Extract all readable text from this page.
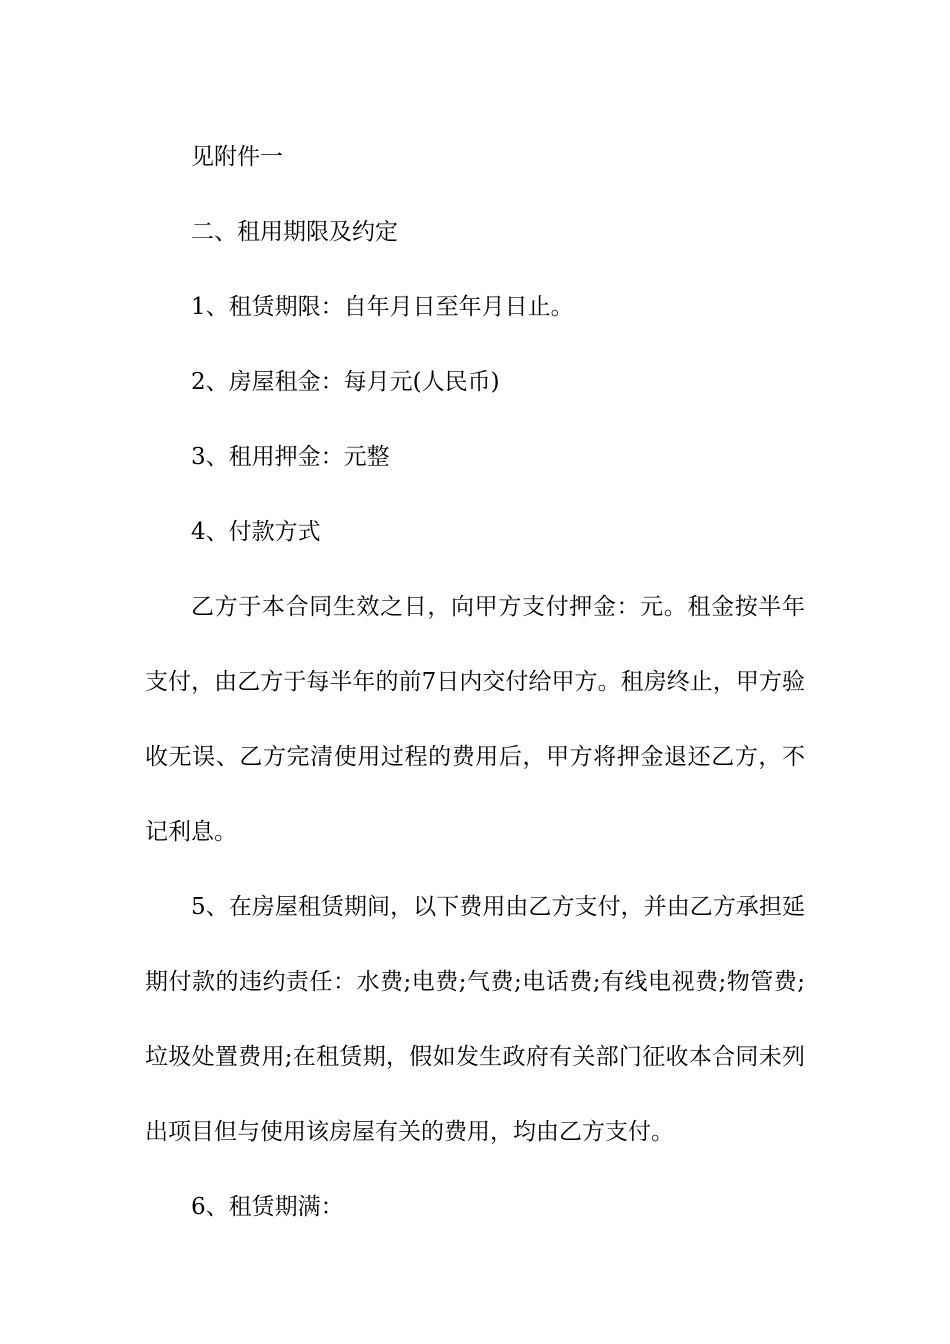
见附件一

二、租用期限及约定

1、租赁期限：自年月日至年月日止。

2、房屋租金：每月元(人民币)

3、租用押金：元整

4、付款方式

乙方于本合同生效之日，向甲方支付押金：元。租金按半年支付，由乙方于每半年的前7日内交付给甲方。租房终止，甲方验收无误、乙方完清使用过程的费用后，甲方将押金退还乙方，不记利息。

5、在房屋租赁期间，以下费用由乙方支付，并由乙方承担延期付款的违约责任：水费;电费;气费;电话费;有线电视费;物管费;垃圾处置费用;在租赁期，假如发生政府有关部门征收本合同未列出项目但与使用该房屋有关的费用，均由乙方支付。

6、租赁期满：
